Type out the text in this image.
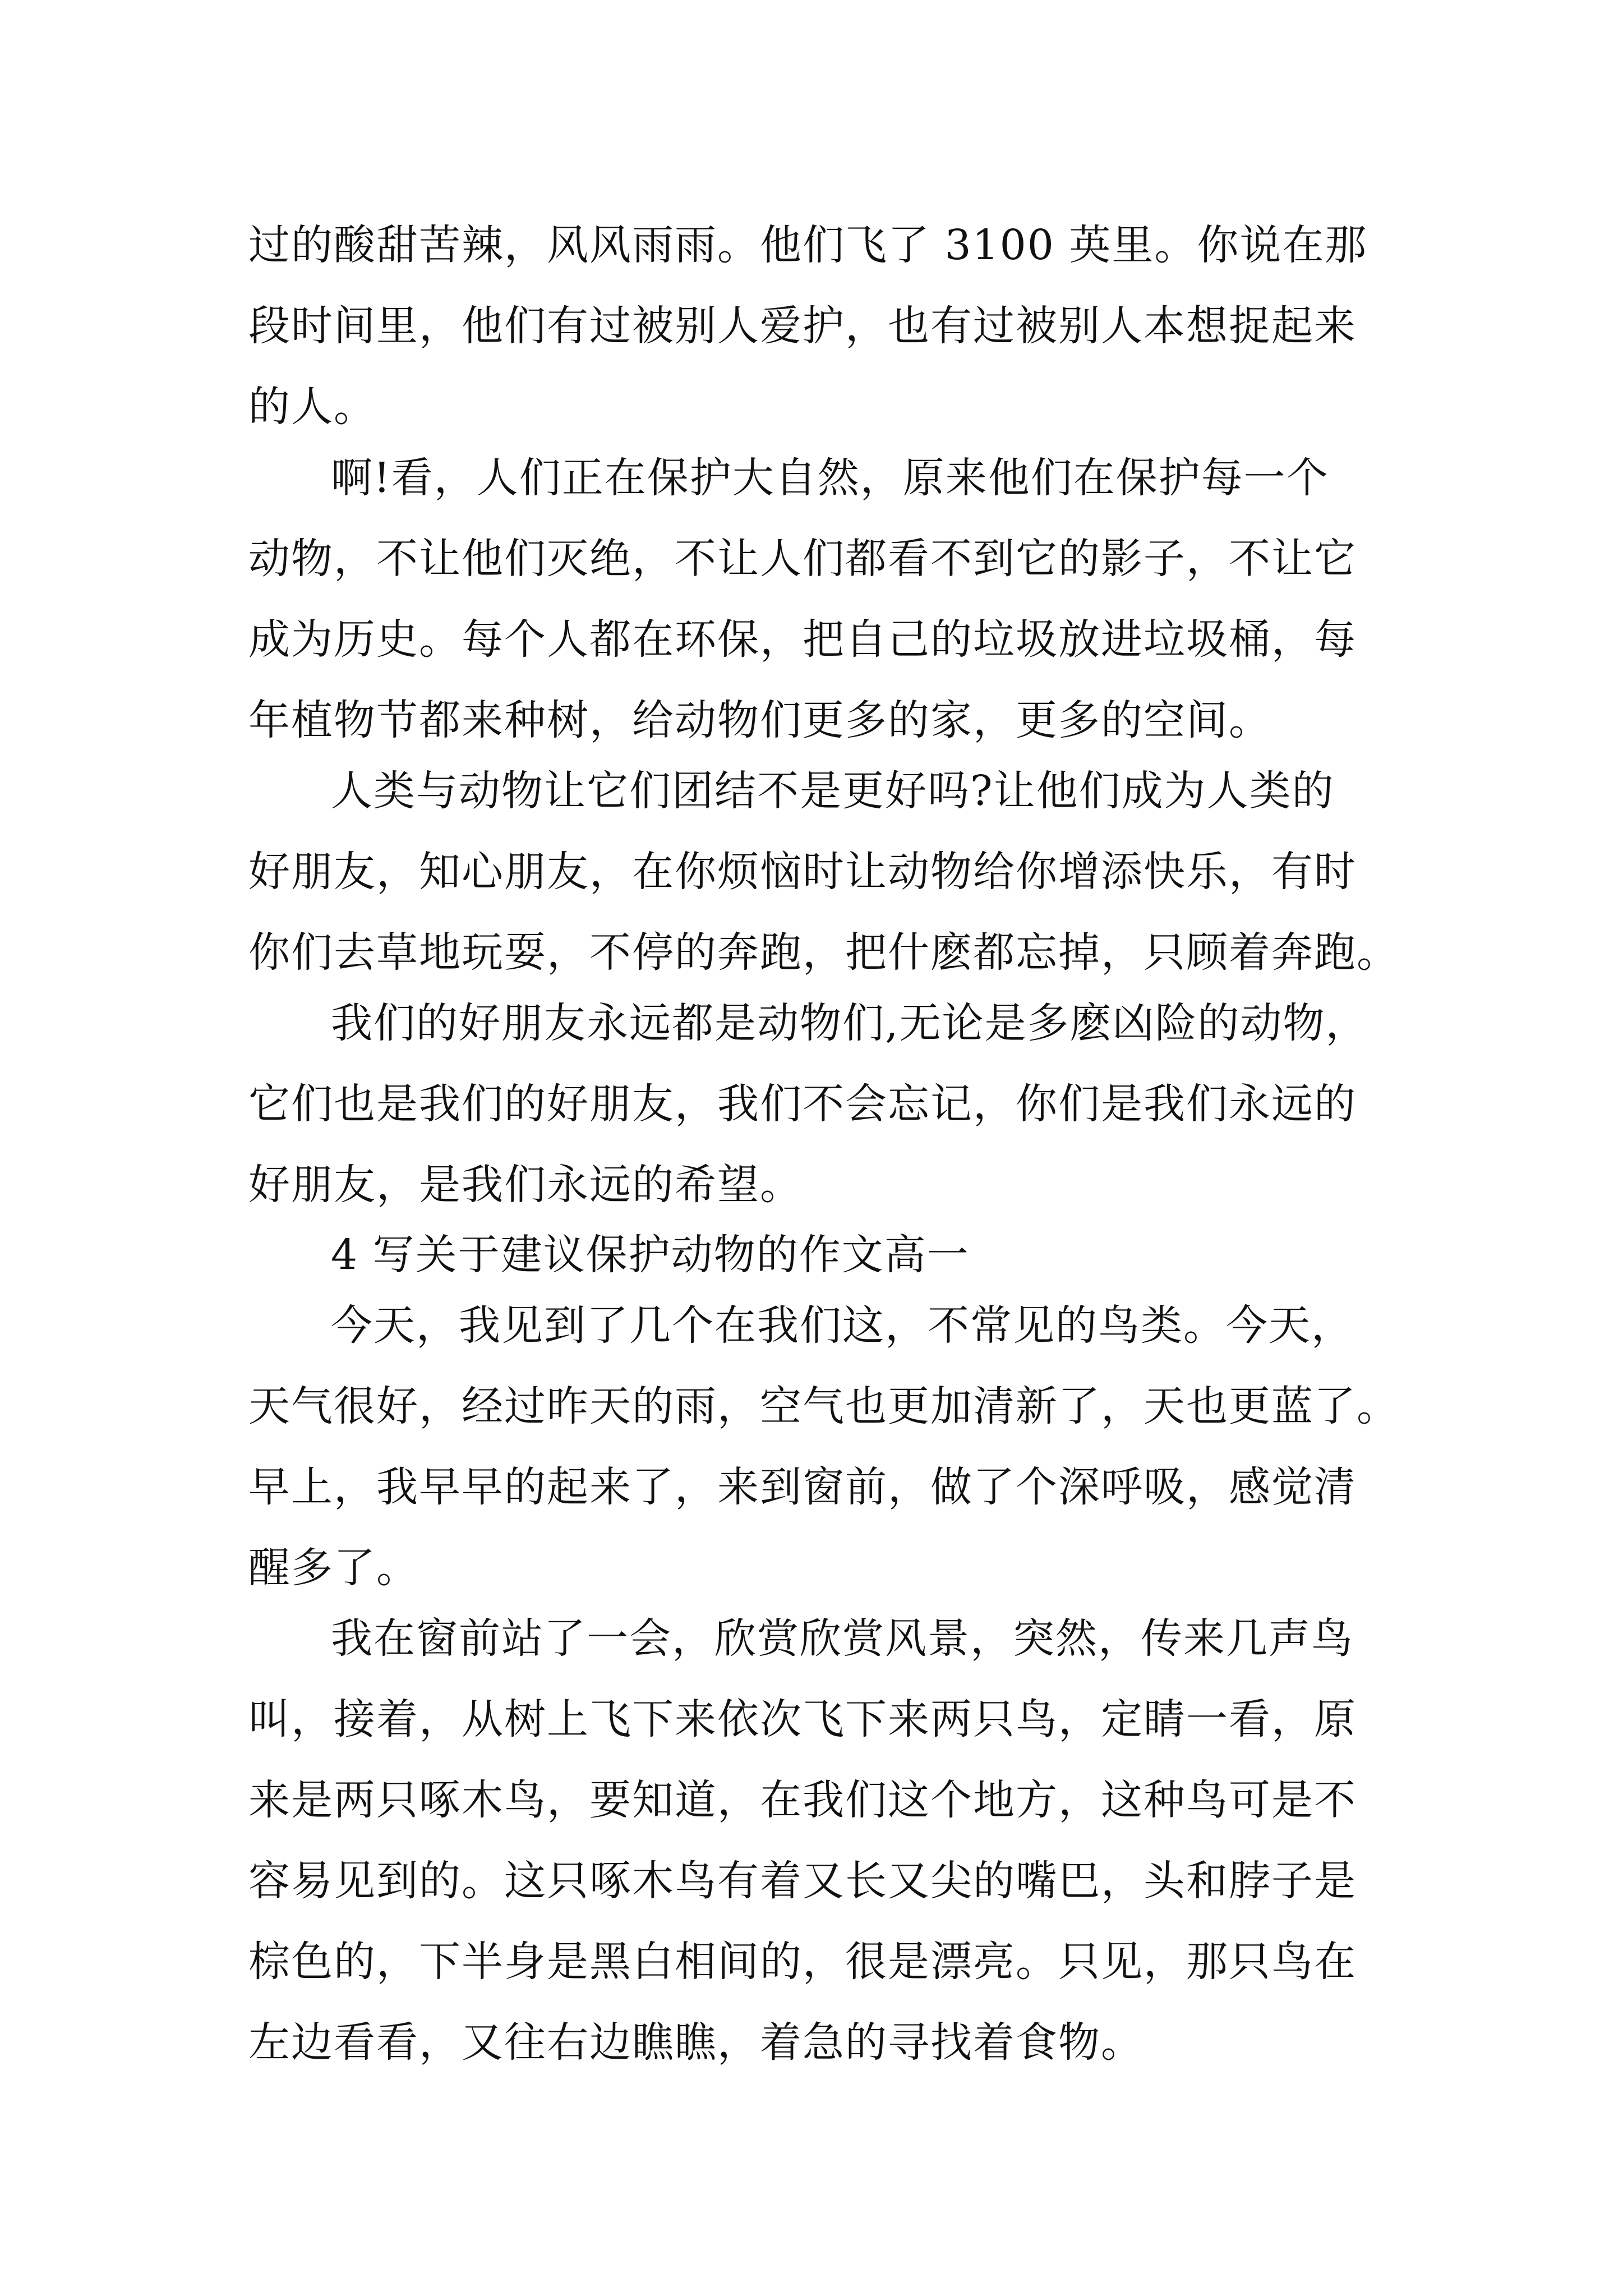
过的酸甜苦辣，风风雨雨。他们飞了 3100 英里。你说在那

段时间里，他们有过被别人爱护，也有过被别人本想捉起来

的人。

啊!看，人们正在保护大自然，原来他们在保护每一个

动物，不让他们灭绝，不让人们都看不到它的影子，不让它

成为历史。每个人都在环保，把自己的垃圾放进垃圾桶，每

年植物节都来种树，给动物们更多的家，更多的空间。

人类与动物让它们团结不是更好吗?让他们成为人类的

好朋友，知心朋友，在你烦恼时让动物给你增添快乐，有时

你们去草地玩耍，不停的奔跑，把什麽都忘掉，只顾着奔跑。

我们的好朋友永远都是动物们,无论是多麽凶险的动物，

它们也是我们的好朋友，我们不会忘记，你们是我们永远的

好朋友，是我们永远的希望。

4 写关于建议保护动物的作文高一

今天，我见到了几个在我们这，不常见的鸟类。今天，

天气很好，经过昨天的雨，空气也更加清新了，天也更蓝了。

早上，我早早的起来了，来到窗前，做了个深呼吸，感觉清

醒多了。

我在窗前站了一会，欣赏欣赏风景，突然，传来几声鸟

叫，接着，从树上飞下来依次飞下来两只鸟，定睛一看，原

来是两只啄木鸟，要知道，在我们这个地方，这种鸟可是不

容易见到的。这只啄木鸟有着又长又尖的嘴巴，头和脖子是

棕色的，下半身是黑白相间的，很是漂亮。只见，那只鸟在

左边看看，又往右边瞧瞧，着急的寻找着食物。
